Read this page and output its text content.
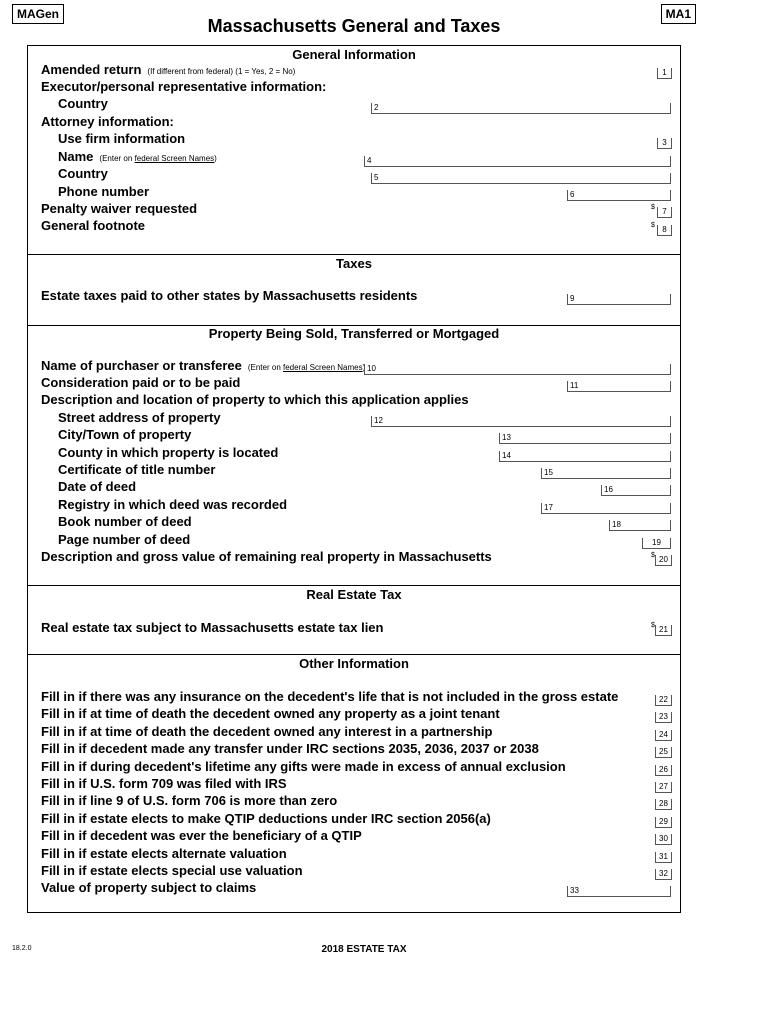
MAGen	MA1
Massachusetts General and Taxes
General Information
Amended return (If different from federal) (1 = Yes, 2 = No)	1
Executor/personal representative information:
Country	2
Attorney information:
Use firm information	3
Name (Enter on federal Screen Names)	4
Country	5
Phone number	6
Penalty waiver requested	$ 7
General footnote	$ 8
Taxes
Estate taxes paid to other states by Massachusetts residents	9
Property Being Sold, Transferred or Mortgaged
Name of purchaser or transferee (Enter on federal Screen Names) 10
Consideration paid or to be paid	11
Description and location of property to which this application applies
Street address of property	12
City/Town of property	13
County in which property is located	14
Certificate of title number	15
Date of deed	16
Registry in which deed was recorded	17
Book number of deed	18
Page number of deed	19
Description and gross value of remaining real property in Massachusetts	$ 20
Real Estate Tax
Real estate tax subject to Massachusetts estate tax lien	$ 21
Other Information
Fill in if there was any insurance on the decedent's life that is not included in the gross estate	22
Fill in if at time of death the decedent owned any property as a joint tenant	23
Fill in if at time of death the decedent owned any interest in a partnership	24
Fill in if decedent made any transfer under IRC sections 2035, 2036, 2037 or 2038	25
Fill in if during decedent's lifetime any gifts were made in excess of annual exclusion	26
Fill in if U.S. form 709 was filed with IRS	27
Fill in if line 9 of U.S. form 706 is more than zero	28
Fill in if estate elects to make QTIP deductions under IRC section 2056(a)	29
Fill in if decedent was ever the beneficiary of a QTIP	30
Fill in if estate elects alternate valuation	31
Fill in if estate elects special use valuation	32
Value of property subject to claims	33
18.2.0	2018 ESTATE TAX
